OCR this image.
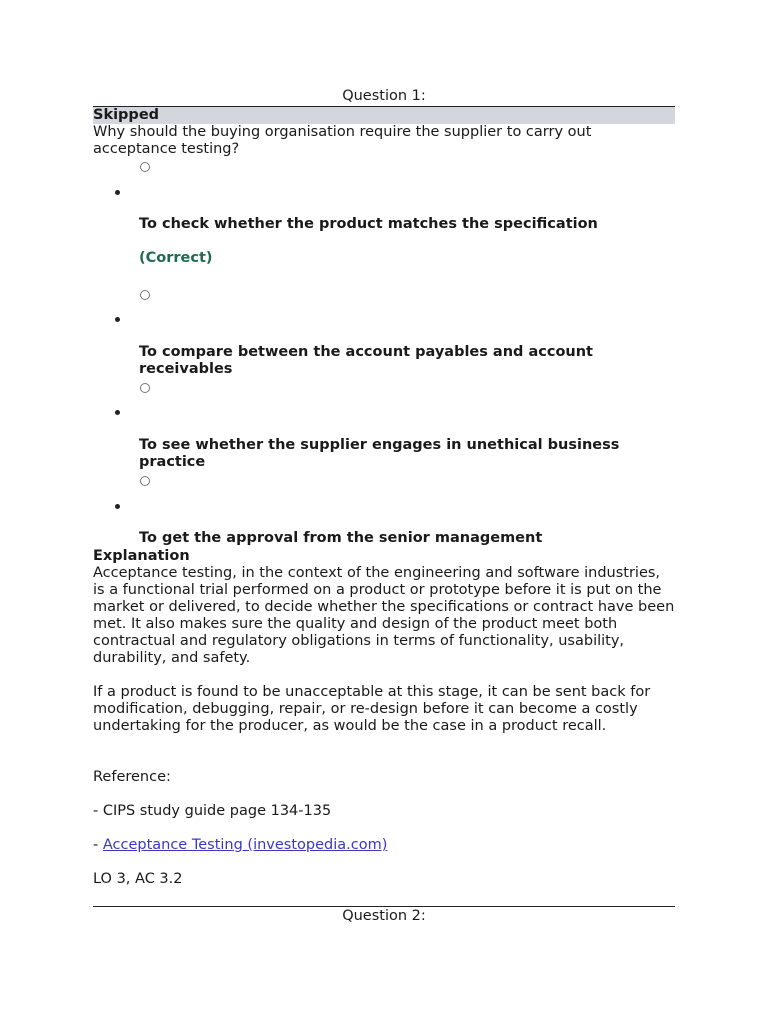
Question 1:
Skipped
Why should the buying organisation require the supplier to carry out acceptance testing?
To check whether the product matches the specification
(Correct)
To compare between the account payables and account receivables
To see whether the supplier engages in unethical business practice
To get the approval from the senior management
Explanation
Acceptance testing, in the context of the engineering and software industries, is a functional trial performed on a product or prototype before it is put on the market or delivered, to decide whether the specifications or contract have been met. It also makes sure the quality and design of the product meet both contractual and regulatory obligations in terms of functionality, usability, durability, and safety.
If a product is found to be unacceptable at this stage, it can be sent back for modification, debugging, repair, or re-design before it can become a costly undertaking for the producer, as would be the case in a product recall.
Reference:
- CIPS study guide page 134-135
- Acceptance Testing (investopedia.com)
LO 3, AC 3.2
Question 2:
